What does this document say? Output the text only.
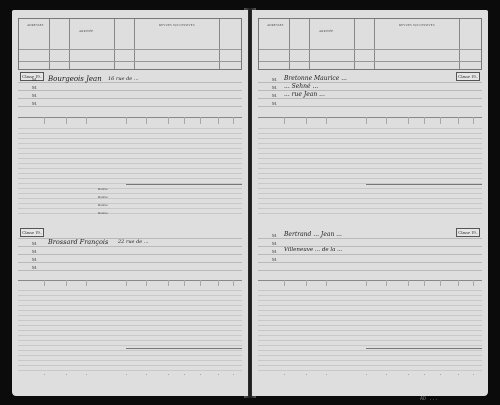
ADRESSES
ARRIVÉE
REVUES SUCCESSIVES
Classe 19..
M.
M.
M.
M.
Bourgeois Jean 16 rue de ...
Relève
Relève
Relève
Relève
Classe 19..
M.
M.
M.
M.
Brossard François 22 rue de ...
ADRESSES
ARRIVÉE
REVUES SUCCESSIVES
Classe 19..
M.
M.
M.
M.
Bretonne Maurice ...
... Sehné ...
... rue Jean ...
Classe 19..
M.
M.
M.
M.
Bertrand ... Jean ...
Villeneuve ... de la ...
AD ...
